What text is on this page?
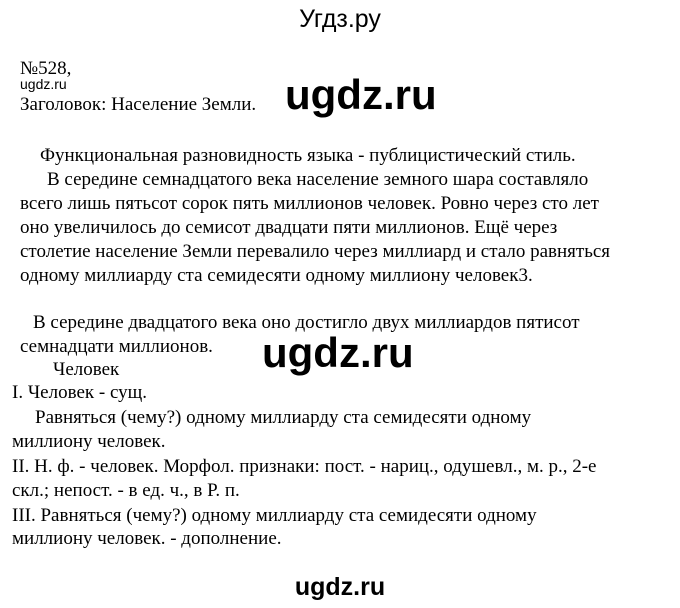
Угдз.ру
№528,
ugdz.ru
Заголовок: Население Земли. ugdz.ru
Функциональная разновидность языка - публицистический стиль.
В середине семнадцатого века население земного шара составляло
всего лишь пятьсот сорок пять миллионов человек. Ровно через сто лет
оно увеличилось до семисот двадцати пяти миллионов. Ещё через
столетие население Земли перевалило через миллиард и стало равняться
одному миллиарду ста семидесяти одному миллиону человек3.
В середине двадцатого века оно достигло двух миллиардов пятисот
семнадцати миллионов. ugdz.ru
Человек
I. Человек - сущ.
Равняться (чему?) одному миллиарду ста семидесяти одному
миллиону человек.
II. Н. ф. - человек. Морфол. признаки: пост. - нариц., одушевл., м. р., 2-е
скл.; непост. - в ед. ч., в Р. п.
III. Равняться (чему?) одному миллиарду ста семидесяти одному
миллиону человек. - дополнение.
ugdz.ru
